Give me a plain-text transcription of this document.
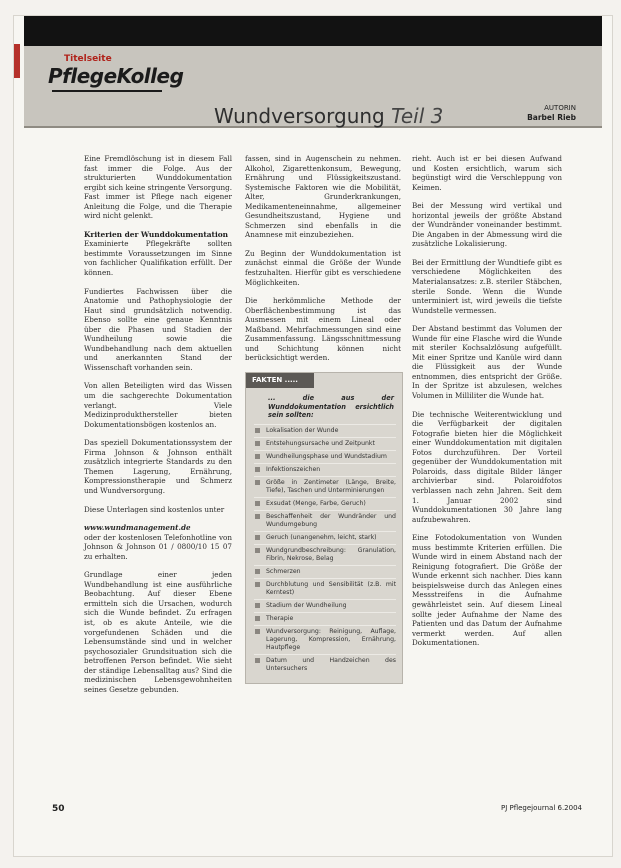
Titelseite
PflegeKolleg
Wundversorgung Teil 3	AUTORIN
Barbel Rieb

Eine Fremdlöschung ist in diesem Fall fast immer die Folge. Aus der strukturierten Wunddokumentation ergibt sich keine stringente Versorgung. Fast immer ist Pflege nach eigener Anleitung die Folge, und die Therapie wird nicht gelenkt.

Kriterien der Wunddokumentation

Examinierte Pflegekräfte sollten bestimmte Voraussetzungen im Sinne von fachlicher Qualifikation erfüllt. Der können.

Fundiertes Fachwissen über die Anatomie und Pathophysiologie der Haut sind grundsätzlich notwendig. Ebenso sollte eine genaue Kenntnis über die Phasen und Stadien der Wundheilung sowie die Wundbehandlung nach dem aktuellen und anerkannten Stand der Wissenschaft vorhanden sein.

Von allen Beteiligten wird das Wissen um die sachgerechte Dokumentation verlangt. Viele Medizinprodukthersteller bieten Dokumentationsbögen kostenlos an.

Das speziell Dokumentationssystem der Firma Johnson & Johnson enthält zusätzlich integrierte Standards zu den Themen Lagerung, Ernährung, Kompressionstherapie und Schmerz und Wundversorgung.

Diese Unterlagen sind kostenlos unter

www.wundmanagement.de

oder der kostenlosen Telefonhotline von Johnson & Johnson 01 / 0800/10 15 07 zu erhalten.

Grundlage einer jeden Wundbehandlung ist eine ausführliche Beobachtung. Auf dieser Ebene ermitteln sich die Ursachen, wodurch sich die Wunde befindet. Zu erfragen ist, ob es akute Anteile, wie die vorgefundenen Schäden und die Lebensumstände sind und in welcher psychosozialer Grundsituation sich die betroffenen Person befindet. Wie sieht der ständige Lebensalltag aus? Sind die medizinischen Lebensgewohnheiten seines Gesetze gebunden.

fassen, sind in Augenschein zu nehmen. Alkohol, Zigarettenkonsum, Bewegung, Ernährung und Flüssigkeitszustand. Systemische Faktoren wie die Mobilität, Alter, Grunderkrankungen, Medikamenteneinnahme, allgemeiner Gesundheitszustand, Hygiene und Schmerzen sind ebenfalls in die Anamnese mit einzubeziehen.

Zu Beginn der Wunddokumentation ist zunächst einmal die Größe der Wunde festzuhalten. Hierfür gibt es verschiedene Möglichkeiten.

Die herkömmliche Methode der Oberflächenbestimmung ist das Ausmessen mit einem Lineal oder Maßband. Mehrfachmessungen sind eine Zusammenfassung. Längsschnittmessung und Schichtung können nicht berücksichtigt werden.

FAKTEN .....
... die aus der Wunddokumentation ersichtlich sein sollten:
Lokalisation der Wunde
Entstehungsursache und Zeitpunkt
Wundheilungsphase und Wundstadium
Infektionszeichen
Größe in Zentimeter (Länge, Breite, Tiefe), Taschen und Unterminierungen
Exsudat (Menge, Farbe, Geruch)
Beschaffenheit der Wundränder und Wundumgebung
Geruch (unangenehm, leicht, stark)
Wundgrundbeschreibung: Granulation, Fibrin, Nekrose, Belag
Schmerzen
Durchblutung und Sensibilität (z.B. mit Kerntest)
Stadium der Wundheilung
Therapie
Wundversorgung: Reinigung, Auflage, Lagerung, Kompression, Ernährung, Hautpflege
Datum und Handzeichen des Untersuchers

rieht. Auch ist er bei diesen Aufwand und Kosten ersichtlich, warum sich begünstigt wird die Verschleppung von Keimen.

Bei der Messung wird vertikal und horizontal jeweils der größte Abstand der Wundränder voneinander bestimmt. Die Angaben in der Abmessung wird die zusätzliche Lokalisierung.

Bei der Ermittlung der Wundtiefe gibt es verschiedene Möglichkeiten des Materialansatzes: z.B. steriler Stäbchen, sterile Sonde. Wenn die Wunde unterminiert ist, wird jeweils die tiefste Wundstelle vermessen.

Der Abstand bestimmt das Volumen der Wunde für eine Flasche wird die Wunde mit steriler Kochsalzlösung aufgefüllt. Mit einer Spritze und Kanüle wird dann die Flüssigkeit aus der Wunde entnommen, dies entspricht der Größe. In der Spritze ist abzulesen, welches Volumen in Milliliter die Wunde hat.

Die technische Weiterentwicklung und die Verfügbarkeit der digitalen Fotografie bieten hier die Möglichkeit einer Wunddokumentation mit digitalen Fotos durchzuführen. Der Vorteil gegenüber der Wunddokumentation mit Polaroids, dass digitale Bilder länger archivierbar sind. Polaroidfotos verblassen nach zehn Jahren. Seit dem 1. Januar 2002 sind Wunddokumentationen 30 Jahre lang aufzubewahren.

Eine Fotodokumentation von Wunden muss bestimmte Kriterien erfüllen. Die Wunde wird in einem Abstand nach der Reinigung fotografiert. Die Größe der Wunde erkennt sich nachher. Dies kann beispielsweise durch das Anlegen eines Messstreifens in die Aufnahme gewährleistet sein. Auf diesem Lineal sollte jeder Aufnahme der Name des Patienten und das Datum der Aufnahme vermerkt werden. Auf allen Dokumentationen.

50	PJ Pflegejournal 6.2004
